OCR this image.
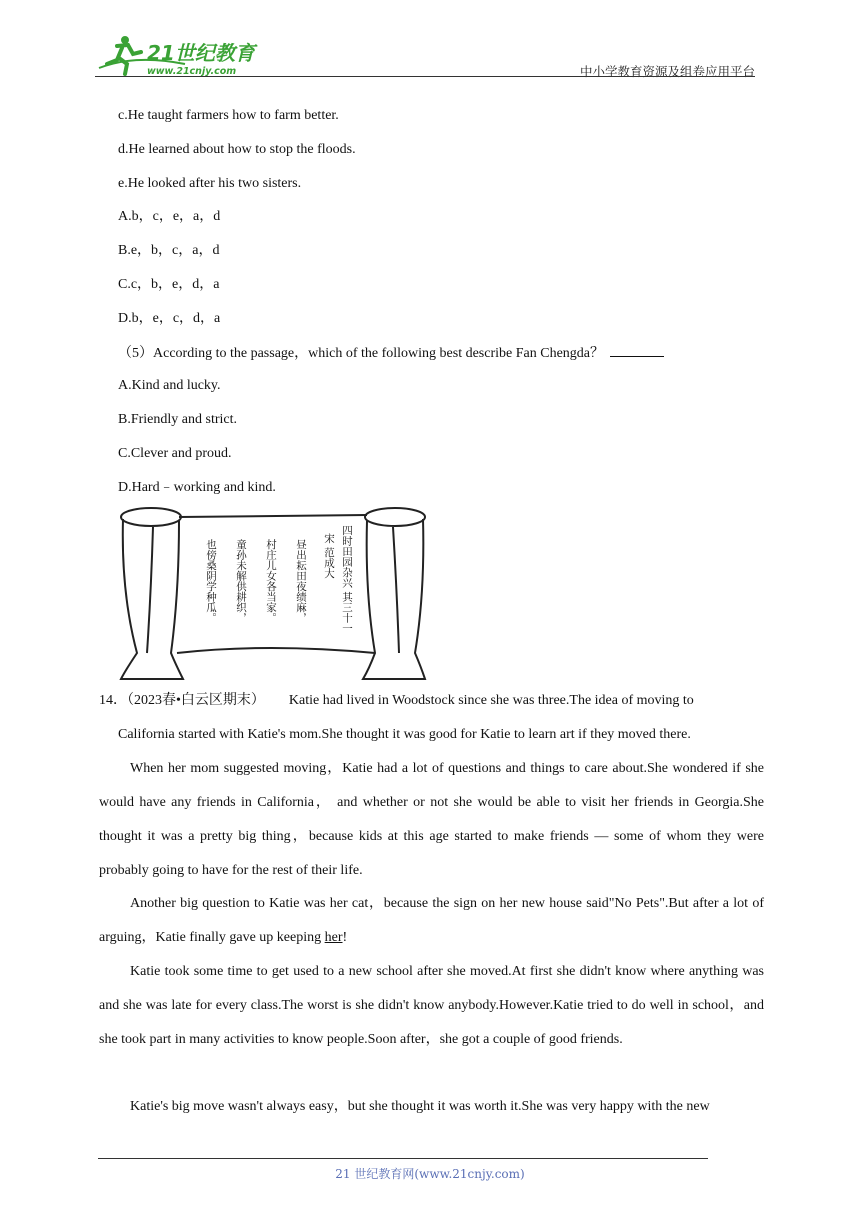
21世纪教育
www.21cnjy.com	中小学教育资源及组卷应用平台
c.He taught farmers how to farm better.
d.He learned about how to stop the floods.
e.He looked after his two sisters.
A.b，c，e，a，d
B.e，b，c，a，d
C.c，b，e，d，a
D.b，e，c，d，a
（5）According to the passage，which of the following best describe Fan Chengda？
A.Kind and lucky.
B.Friendly and strict.
C.Clever and proud.
D.Hard﹣working and kind.
四时田园杂兴 其三十一
宋 范成大
昼出耘田夜绩麻，
村庄儿女各当家。
童孙未解供耕织，
也傍桑阴学种瓜。
14．（2023春•白云区期末） Katie had lived in Woodstock since she was three.The idea of moving to
California started with Katie's mom.She thought it was good for Katie to learn art if they moved there.
When her mom suggested moving，Katie had a lot of questions and things to care about.She wondered if she would have any friends in California， and whether or not she would be able to visit her friends in Georgia.She thought it was a pretty big thing，because kids at this age started to make friends — some of whom they were probably going to have for the rest of their life.
Another big question to Katie was her cat，because the sign on her new house said"No Pets".But after a lot of arguing，Katie finally gave up keeping her!
Katie took some time to get used to a new school after she moved.At first she didn't know where anything was and she was late for every class.The worst is she didn't know anybody.However.Katie tried to do well in school，and she took part in many activities to know people.Soon after，she got a couple of good friends.
Katie's big move wasn't always easy，but she thought it was worth it.She was very happy with the new
21 世纪教育网(www.21cnjy.com)
